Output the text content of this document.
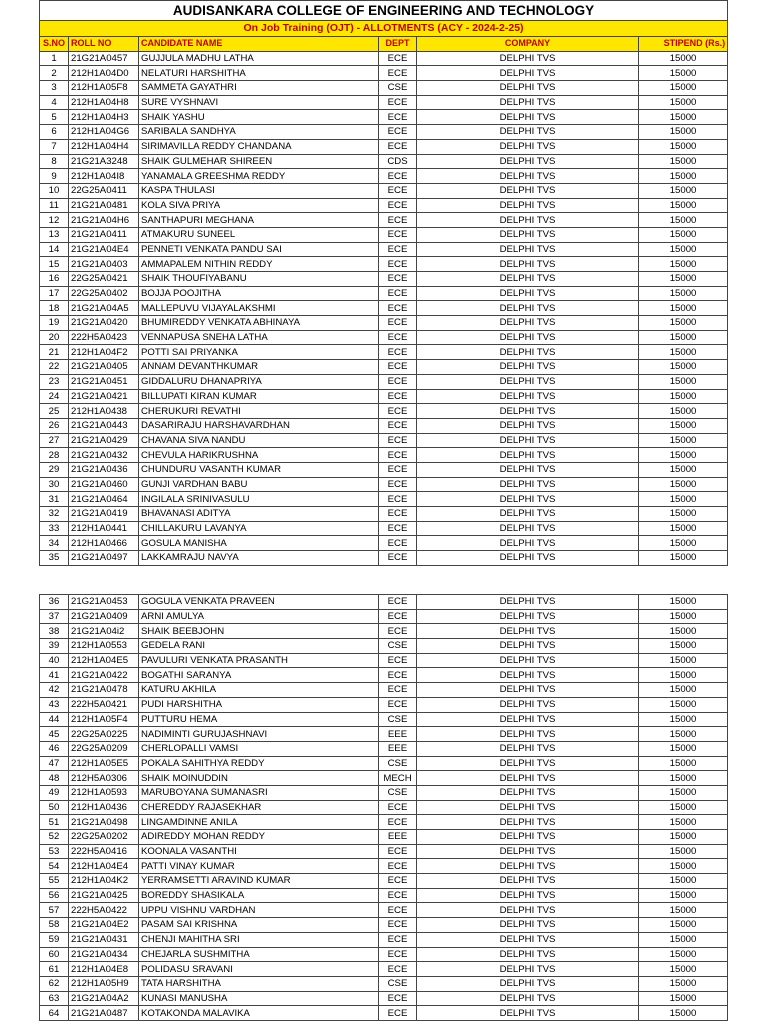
AUDISANKARA COLLEGE OF ENGINEERING AND TECHNOLOGY					
On Job Training (OJT) - ALLOTMENTS (ACY - 2024-2-25)					
S.NO	ROLL NO	CANDIDATE NAME	DEPT	COMPANY	STIPEND (Rs.)
1	21G21A0457	GUJJULA MADHU LATHA	ECE	DELPHI TVS	15000
2	212H1A04D0	NELATURI HARSHITHA	ECE	DELPHI TVS	15000
3	212H1A05F8	SAMMETA GAYATHRI	CSE	DELPHI TVS	15000
4	212H1A04H8	SURE VYSHNAVI	ECE	DELPHI TVS	15000
5	212H1A04H3	SHAIK YASHU	ECE	DELPHI TVS	15000
6	212H1A04G6	SARIBALA SANDHYA	ECE	DELPHI TVS	15000
7	212H1A04H4	SIRIMAVILLA REDDY CHANDANA	ECE	DELPHI TVS	15000
8	21G21A3248	SHAIK GULMEHAR SHIREEN	CDS	DELPHI TVS	15000
9	212H1A04I8	YANAMALA GREESHMA REDDY	ECE	DELPHI TVS	15000
10	22G25A0411	KASPA THULASI	ECE	DELPHI TVS	15000
11	21G21A0481	KOLA SIVA PRIYA	ECE	DELPHI TVS	15000
12	21G21A04H6	SANTHAPURI MEGHANA	ECE	DELPHI TVS	15000
13	21G21A0411	ATMAKURU SUNEEL	ECE	DELPHI TVS	15000
14	21G21A04E4	PENNETI VENKATA PANDU SAI	ECE	DELPHI TVS	15000
15	21G21A0403	AMMAPALEM NITHIN REDDY	ECE	DELPHI TVS	15000
16	22G25A0421	SHAIK THOUFIYABANU	ECE	DELPHI TVS	15000
17	22G25A0402	BOJJA POOJITHA	ECE	DELPHI TVS	15000
18	21G21A04A5	MALLEPUVU VIJAYALAKSHMI	ECE	DELPHI TVS	15000
19	21G21A0420	BHUMIREDDY VENKATA ABHINAYA	ECE	DELPHI TVS	15000
20	222H5A0423	VENNAPUSA SNEHA LATHA	ECE	DELPHI TVS	15000
21	212H1A04F2	POTTI SAI PRIYANKA	ECE	DELPHI TVS	15000
22	21G21A0405	ANNAM DEVANTHKUMAR	ECE	DELPHI TVS	15000
23	21G21A0451	GIDDALURU DHANAPRIYA	ECE	DELPHI TVS	15000
24	21G21A0421	BILLUPATI KIRAN KUMAR	ECE	DELPHI TVS	15000
25	212H1A0438	CHERUKURI REVATHI	ECE	DELPHI TVS	15000
26	21G21A0443	DASARIRAJU HARSHAVARDHAN	ECE	DELPHI TVS	15000
27	21G21A0429	CHAVANA SIVA NANDU	ECE	DELPHI TVS	15000
28	21G21A0432	CHEVULA HARIKRUSHNA	ECE	DELPHI TVS	15000
29	21G21A0436	CHUNDURU VASANTH KUMAR	ECE	DELPHI TVS	15000
30	21G21A0460	GUNJI VARDHAN BABU	ECE	DELPHI TVS	15000
31	21G21A0464	INGILALA SRINIVASULU	ECE	DELPHI TVS	15000
32	21G21A0419	BHAVANASI ADITYA	ECE	DELPHI TVS	15000
33	212H1A0441	CHILLAKURU LAVANYA	ECE	DELPHI TVS	15000
34	212H1A0466	GOSULA MANISHA	ECE	DELPHI TVS	15000
35	21G21A0497	LAKKAMRAJU NAVYA	ECE	DELPHI TVS	15000
36	21G21A0453	GOGULA VENKATA PRAVEEN	ECE	DELPHI TVS	15000
37	21G21A0409	ARNI AMULYA	ECE	DELPHI TVS	15000
38	21G21A04i2	SHAIK BEEBJOHN	ECE	DELPHI TVS	15000
39	212H1A0553	GEDELA RANI	CSE	DELPHI TVS	15000
40	212H1A04E5	PAVULURI VENKATA PRASANTH	ECE	DELPHI TVS	15000
41	21G21A0422	BOGATHI SARANYA	ECE	DELPHI TVS	15000
42	21G21A0478	KATURU AKHILA	ECE	DELPHI TVS	15000
43	222H5A0421	PUDI HARSHITHA	ECE	DELPHI TVS	15000
44	212H1A05F4	PUTTURU HEMA	CSE	DELPHI TVS	15000
45	22G25A0225	NADIMINTI GURUJASHNAVI	EEE	DELPHI TVS	15000
46	22G25A0209	CHERLOPALLI VAMSI	EEE	DELPHI TVS	15000
47	212H1A05E5	POKALA SAHITHYA REDDY	CSE	DELPHI TVS	15000
48	212H5A0306	SHAIK MOINUDDIN	MECH	DELPHI TVS	15000
49	212H1A0593	MARUBOYANA SUMANASRI	CSE	DELPHI TVS	15000
50	212H1A0436	CHEREDDY RAJASEKHAR	ECE	DELPHI TVS	15000
51	21G21A0498	LINGAMDINNE ANILA	ECE	DELPHI TVS	15000
52	22G25A0202	ADIREDDY MOHAN REDDY	EEE	DELPHI TVS	15000
53	222H5A0416	KOONALA VASANTHI	ECE	DELPHI TVS	15000
54	212H1A04E4	PATTI VINAY KUMAR	ECE	DELPHI TVS	15000
55	212H1A04K2	YERRAMSETTI ARAVIND KUMAR	ECE	DELPHI TVS	15000
56	21G21A0425	BOREDDY SHASIKALA	ECE	DELPHI TVS	15000
57	222H5A0422	UPPU VISHNU VARDHAN	ECE	DELPHI TVS	15000
58	21G21A04E2	PASAM SAI KRISHNA	ECE	DELPHI TVS	15000
59	21G21A0431	CHENJI MAHITHA SRI	ECE	DELPHI TVS	15000
60	21G21A0434	CHEJARLA SUSHMITHA	ECE	DELPHI TVS	15000
61	212H1A04E8	POLIDASU SRAVANI	ECE	DELPHI TVS	15000
62	212H1A05H9	TATA HARSHITHA	CSE	DELPHI TVS	15000
63	21G21A04A2	KUNASI MANUSHA	ECE	DELPHI TVS	15000
64	21G21A0487	KOTAKONDA MALAVIKA	ECE	DELPHI TVS	15000
